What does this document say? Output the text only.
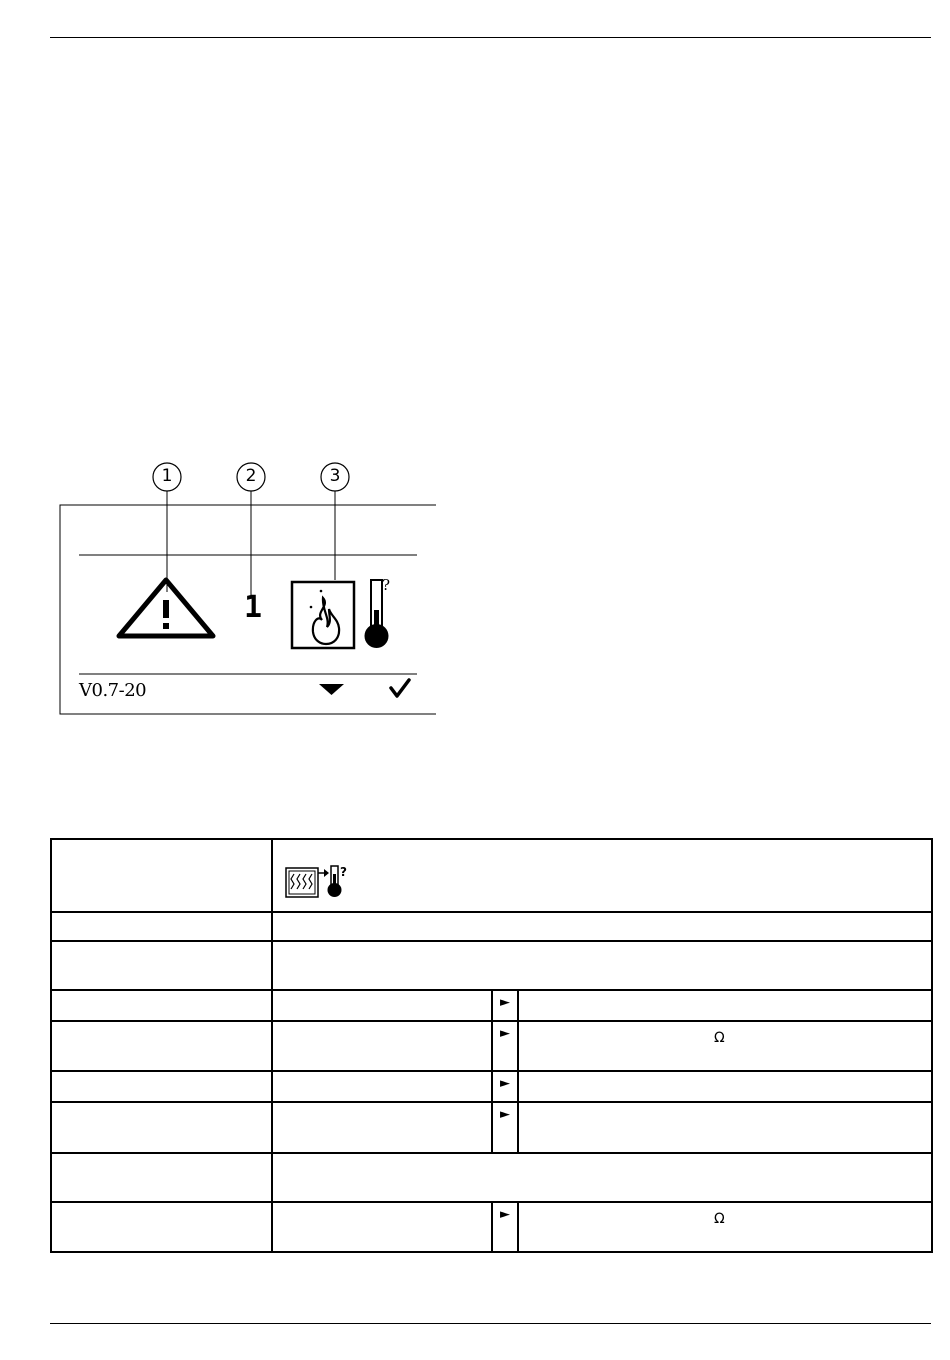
1	2	3
1
?
V0.7-20

?		

		►	
		►	Ω
		►	
		►	

		►	Ω
